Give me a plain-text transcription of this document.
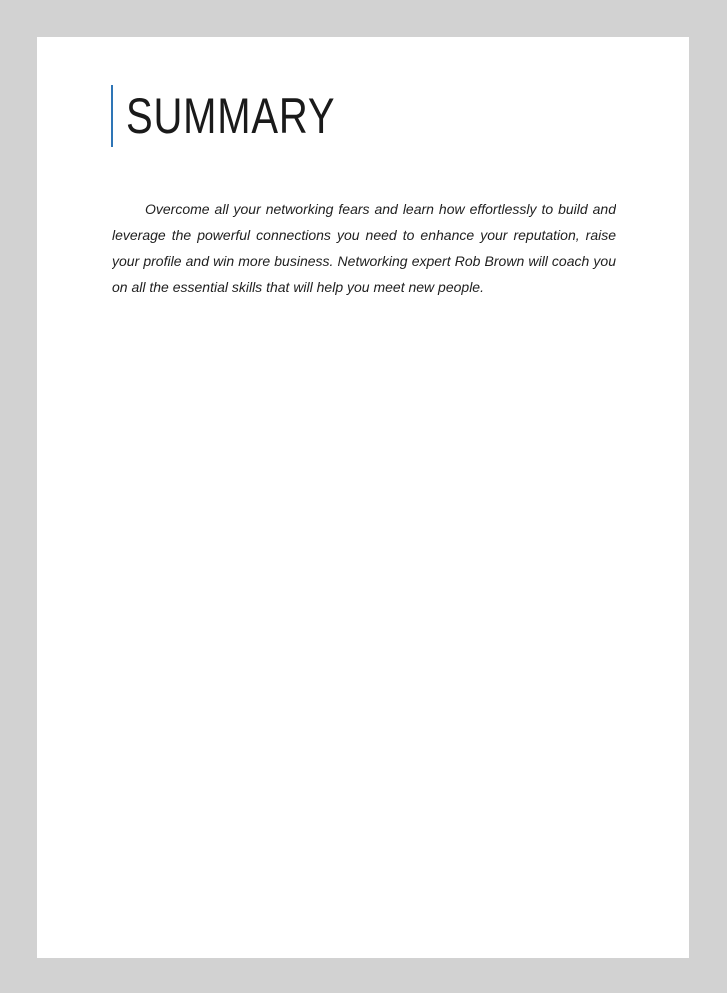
SUMMARY
Overcome all your networking fears and learn how effortlessly to build and
leverage the powerful connections you need to enhance your reputation, raise
your profile and win more business. Networking expert Rob Brown will coach you
on all the essential skills that will help you meet new people.
